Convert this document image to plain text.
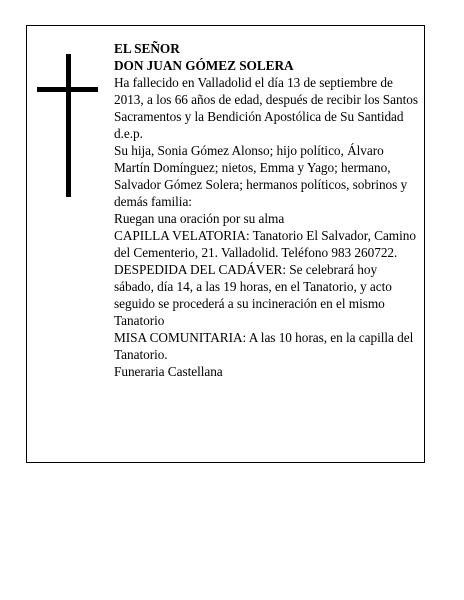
EL SEÑOR

DON JUAN GÓMEZ SOLERA

Ha fallecido en Valladolid el día 13 de septiembre de 2013, a los 66 años de edad, después de recibir los Santos Sacramentos y la Bendición Apostólica de Su Santidad

d.e.p.

Su hija, Sonia Gómez Alonso; hijo político, Álvaro Martín Domínguez; nietos, Emma y Yago; hermano, Salvador Gómez Solera; hermanos políticos, sobrinos y demás familia:

Ruegan una oración por su alma

CAPILLA VELATORIA: Tanatorio El Salvador, Camino del Cementerio, 21. Valladolid. Teléfono 983 260722.

DESPEDIDA DEL CADÁVER: Se celebrará hoy sábado, día 14, a las 19 horas, en el Tanatorio, y acto seguido se procederá a su incineración en el mismo Tanatorio

MISA COMUNITARIA: A las 10 horas, en la capilla del Tanatorio.

Funeraria Castellana
